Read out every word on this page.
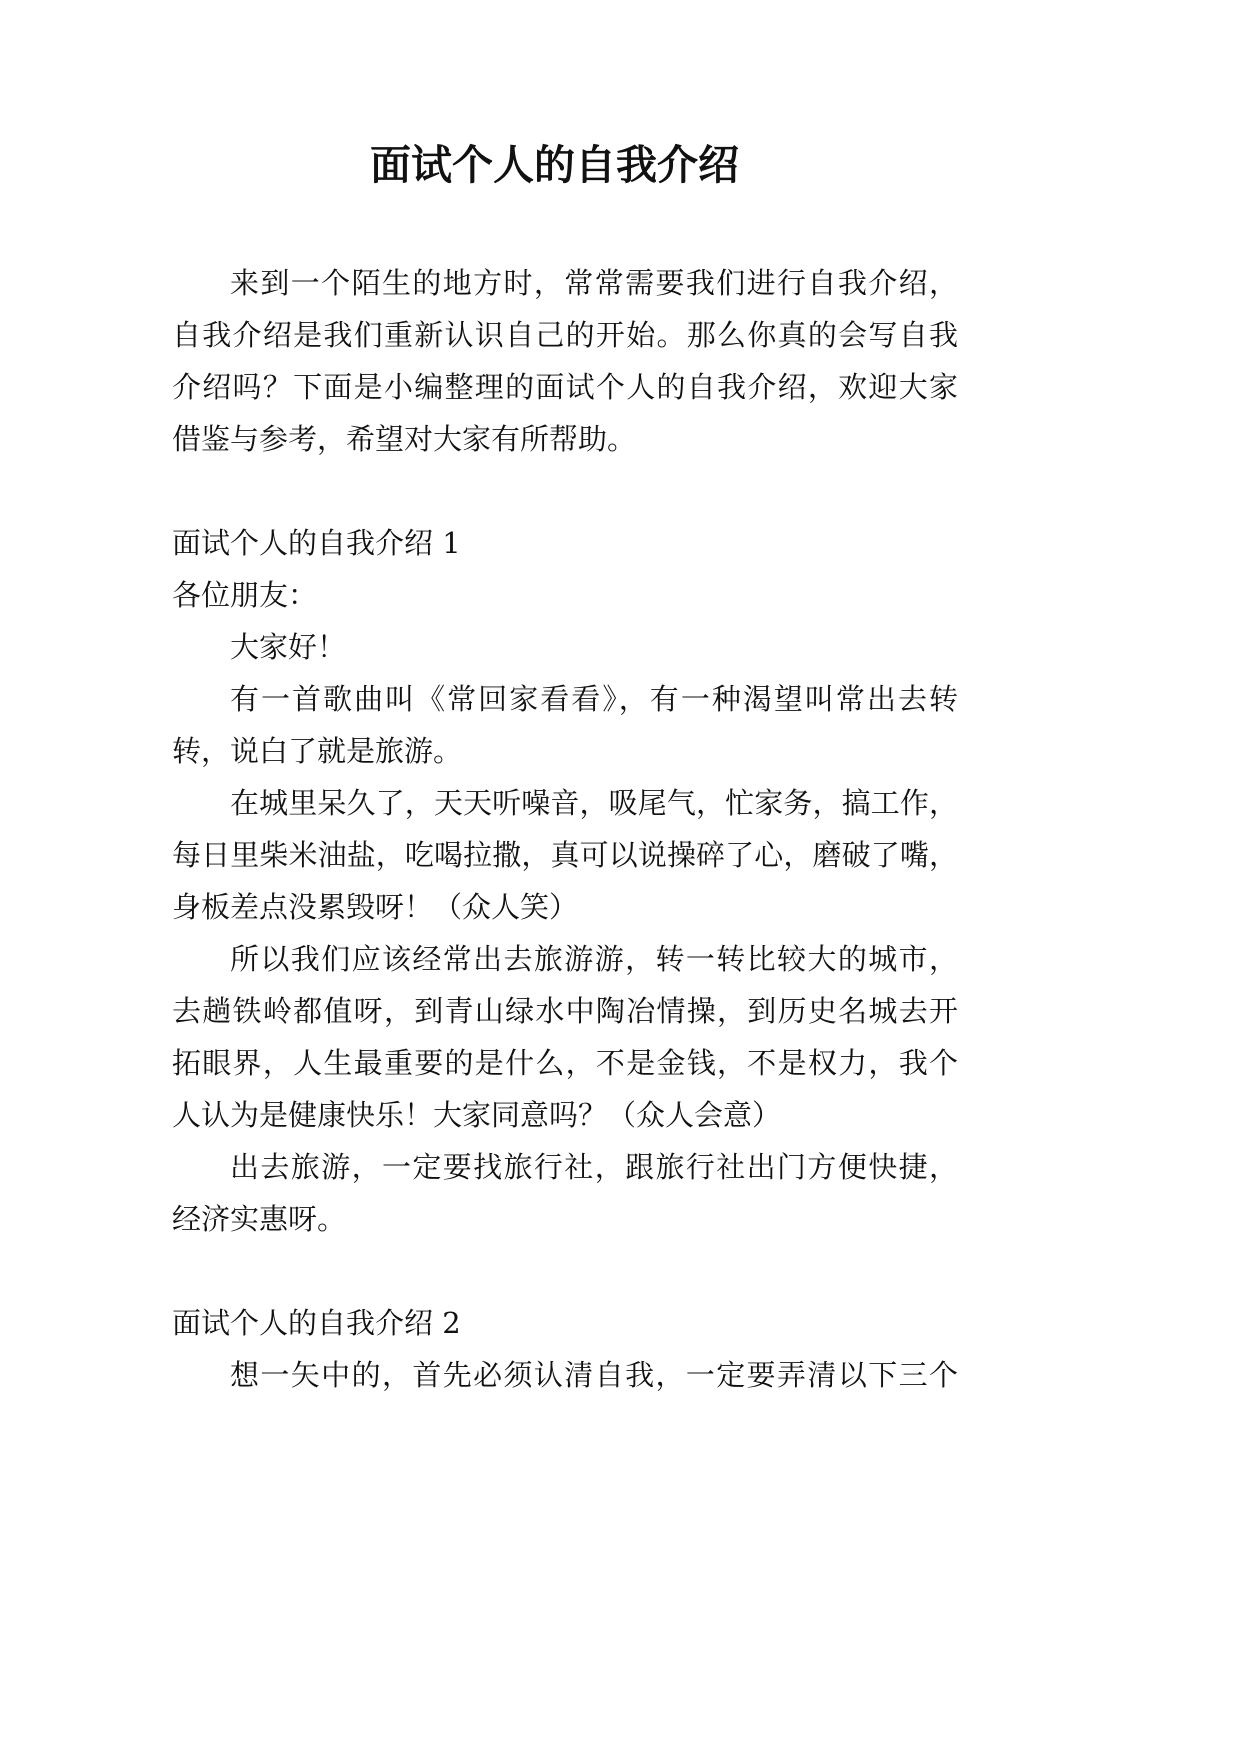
面试个人的自我介绍
来到一个陌生的地方时，常常需要我们进行自我介绍，
自我介绍是我们重新认识自己的开始。那么你真的会写自我
介绍吗？下面是小编整理的面试个人的自我介绍，欢迎大家
借鉴与参考，希望对大家有所帮助。
面试个人的自我介绍 1
各位朋友：
大家好！
有一首歌曲叫《常回家看看》，有一种渴望叫常出去转
转，说白了就是旅游。
在城里呆久了，天天听噪音，吸尾气，忙家务，搞工作，
每日里柴米油盐，吃喝拉撒，真可以说操碎了心，磨破了嘴，
身板差点没累毁呀！（众人笑）
所以我们应该经常出去旅游游，转一转比较大的城市，
去趟铁岭都值呀，到青山绿水中陶冶情操，到历史名城去开
拓眼界，人生最重要的是什么，不是金钱，不是权力，我个
人认为是健康快乐！大家同意吗？（众人会意）
出去旅游，一定要找旅行社，跟旅行社出门方便快捷，
经济实惠呀。
面试个人的自我介绍 2
想一矢中的，首先必须认清自我，一定要弄清以下三个
